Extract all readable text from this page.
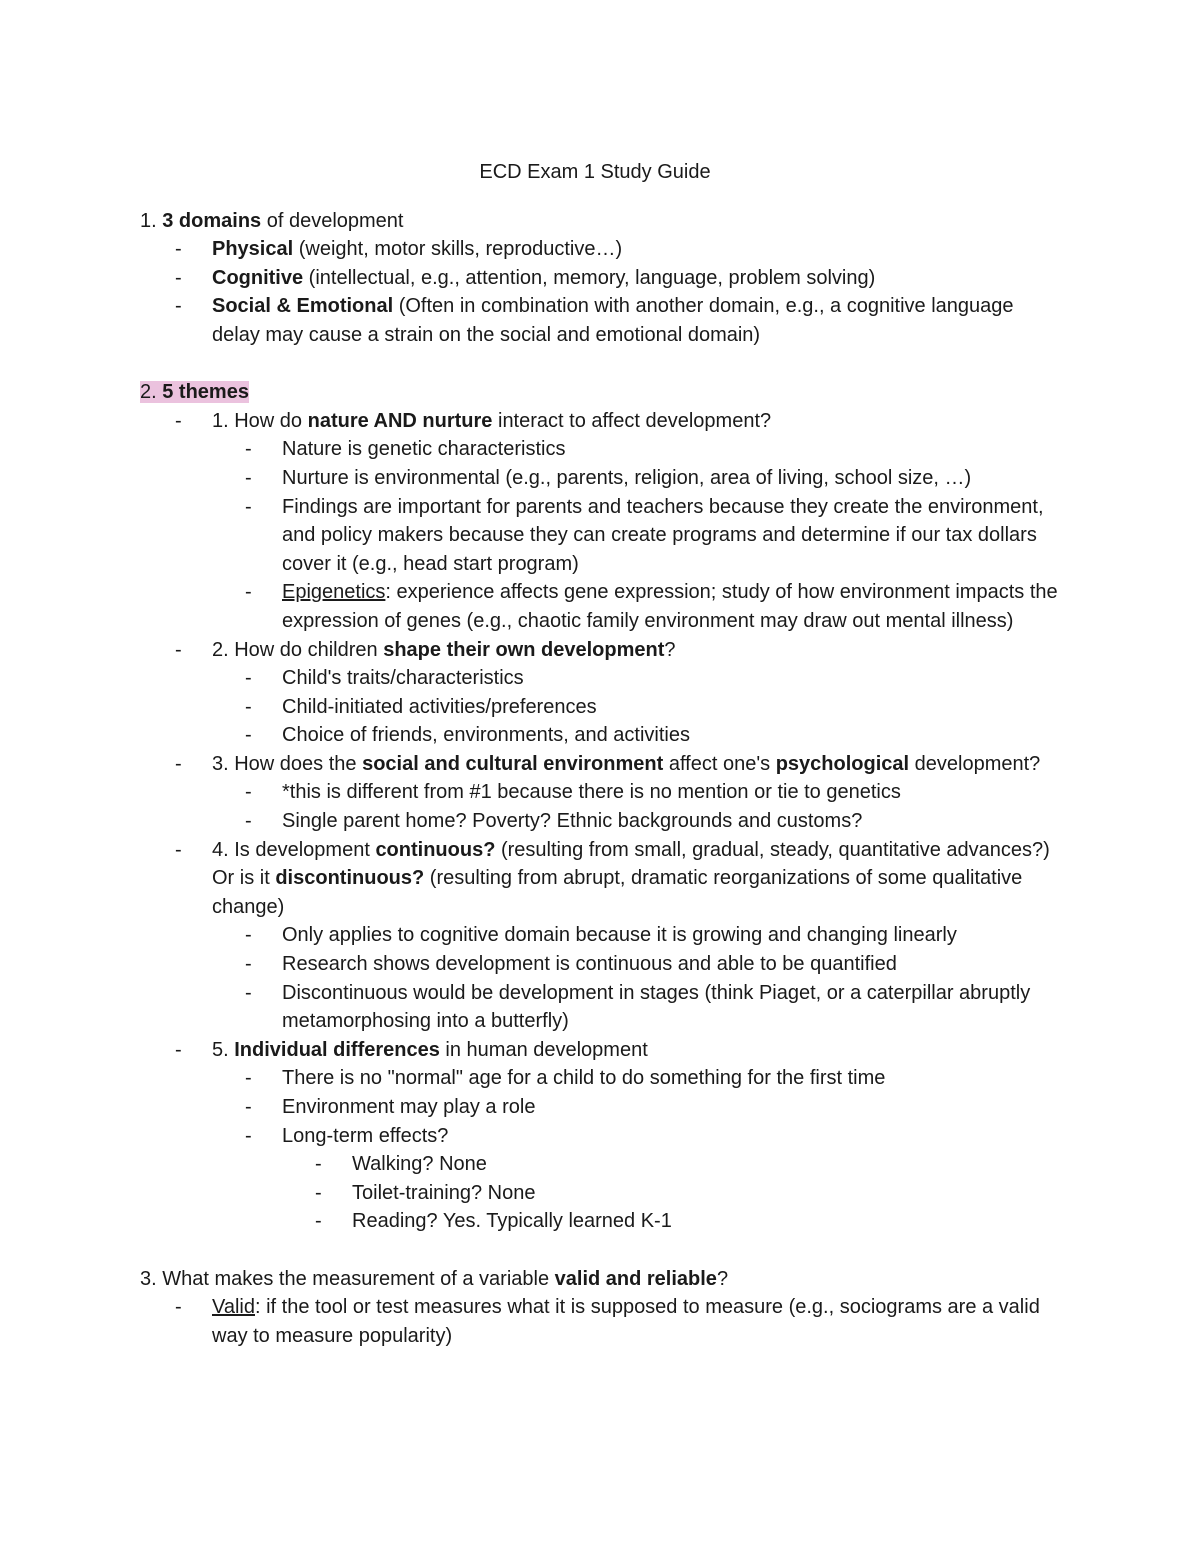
ECD Exam 1 Study Guide

1. 3 domains of development

- Physical (weight, motor skills, reproductive…)

- Cognitive (intellectual, e.g., attention, memory, language, problem solving)

- Social & Emotional (Often in combination with another domain, e.g., a cognitive language delay may cause a strain on the social and emotional domain)

2. 5 themes

- 1. How do nature AND nurture interact to affect development?

- Nature is genetic characteristics

- Nurture is environmental (e.g., parents, religion, area of living, school size, …)

- Findings are important for parents and teachers because they create the environment, and policy makers because they can create programs and determine if our tax dollars cover it (e.g., head start program)

- Epigenetics: experience affects gene expression; study of how environment impacts the expression of genes (e.g., chaotic family environment may draw out mental illness)

- 2. How do children shape their own development?

- Child's traits/characteristics

- Child-initiated activities/preferences

- Choice of friends, environments, and activities

- 3. How does the social and cultural environment affect one's psychological development?

- *this is different from #1 because there is no mention or tie to genetics

- Single parent home? Poverty? Ethnic backgrounds and customs?

- 4. Is development continuous? (resulting from small, gradual, steady, quantitative advances?) Or is it discontinuous? (resulting from abrupt, dramatic reorganizations of some qualitative change)

- Only applies to cognitive domain because it is growing and changing linearly

- Research shows development is continuous and able to be quantified

- Discontinuous would be development in stages (think Piaget, or a caterpillar abruptly metamorphosing into a butterfly)

- 5. Individual differences in human development

- There is no "normal" age for a child to do something for the first time

- Environment may play a role

- Long-term effects?

- Walking? None

- Toilet-training? None

- Reading? Yes. Typically learned K-1

3. What makes the measurement of a variable valid and reliable?

- Valid: if the tool or test measures what it is supposed to measure (e.g., sociograms are a valid way to measure popularity)
